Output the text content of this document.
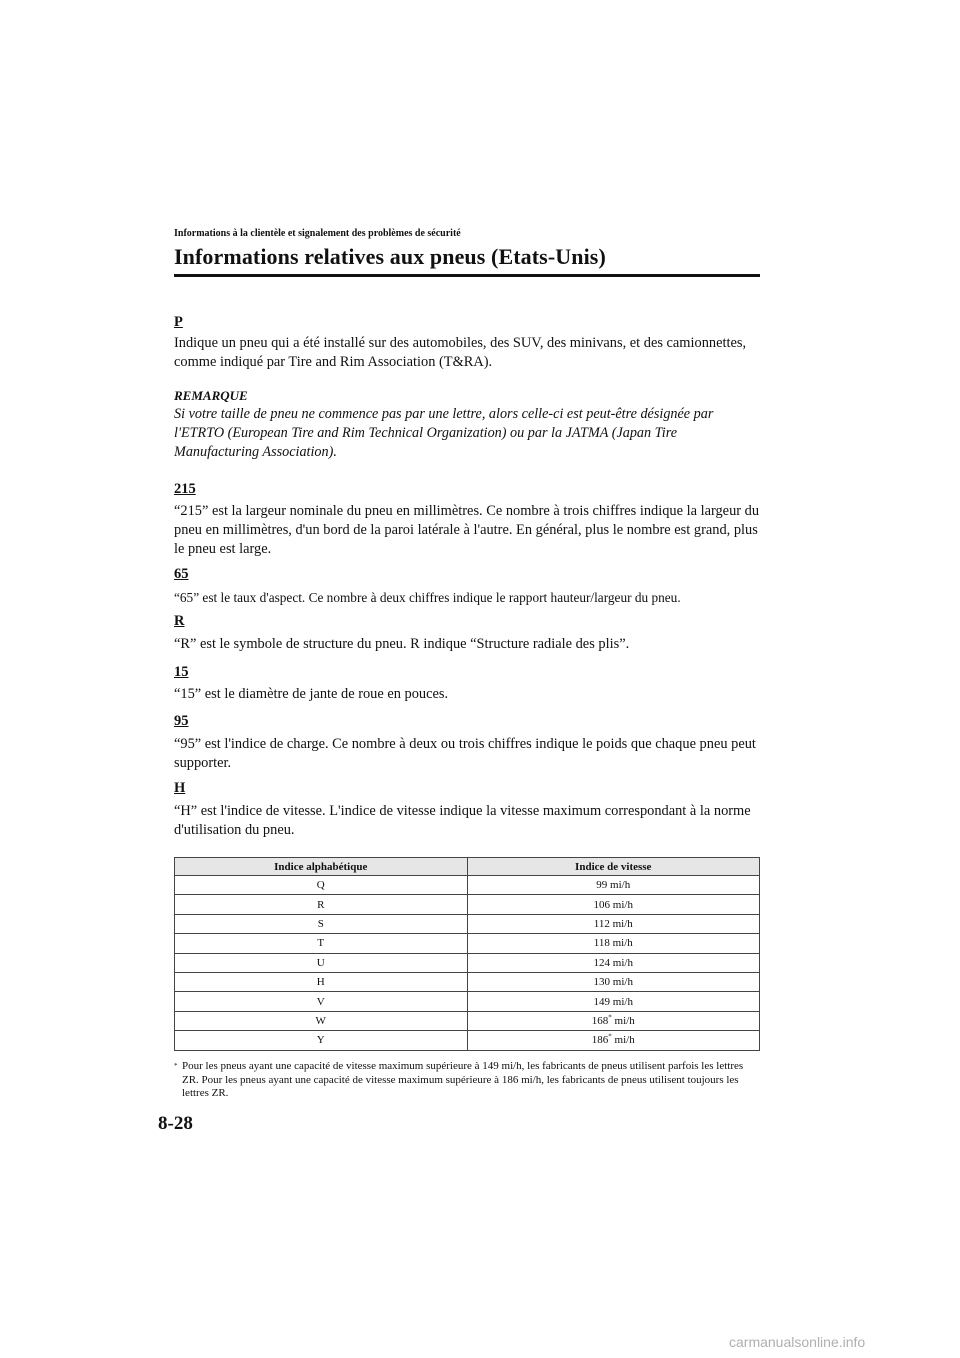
Informations à la clientèle et signalement des problèmes de sécurité
Informations relatives aux pneus (Etats-Unis)
P
Indique un pneu qui a été installé sur des automobiles, des SUV, des minivans, et des camionnettes, comme indiqué par Tire and Rim Association (T&RA).
REMARQUE
Si votre taille de pneu ne commence pas par une lettre, alors celle-ci est peut-être désignée par l'ETRTO (European Tire and Rim Technical Organization) ou par la JATMA (Japan Tire Manufacturing Association).
215
“215” est la largeur nominale du pneu en millimètres. Ce nombre à trois chiffres indique la largeur du pneu en millimètres, d'un bord de la paroi latérale à l'autre. En général, plus le nombre est grand, plus le pneu est large.
65
“65” est le taux d'aspect. Ce nombre à deux chiffres indique le rapport hauteur/largeur du pneu.
R
“R” est le symbole de structure du pneu. R indique “Structure radiale des plis”.
15
“15” est le diamètre de jante de roue en pouces.
95
“95” est l'indice de charge. Ce nombre à deux ou trois chiffres indique le poids que chaque pneu peut supporter.
H
“H” est l'indice de vitesse. L'indice de vitesse indique la vitesse maximum correspondant à la norme d'utilisation du pneu.
Indice alphabétique	Indice de vitesse
Q	99 mi/h
R	106 mi/h
S	112 mi/h
T	118 mi/h
U	124 mi/h
H	130 mi/h
V	149 mi/h
W	168* mi/h
Y	186* mi/h
* Pour les pneus ayant une capacité de vitesse maximum supérieure à 149 mi/h, les fabricants de pneus utilisent parfois les lettres ZR. Pour les pneus ayant une capacité de vitesse maximum supérieure à 186 mi/h, les fabricants de pneus utilisent toujours les lettres ZR.
8-28
carmanualsonline.info
